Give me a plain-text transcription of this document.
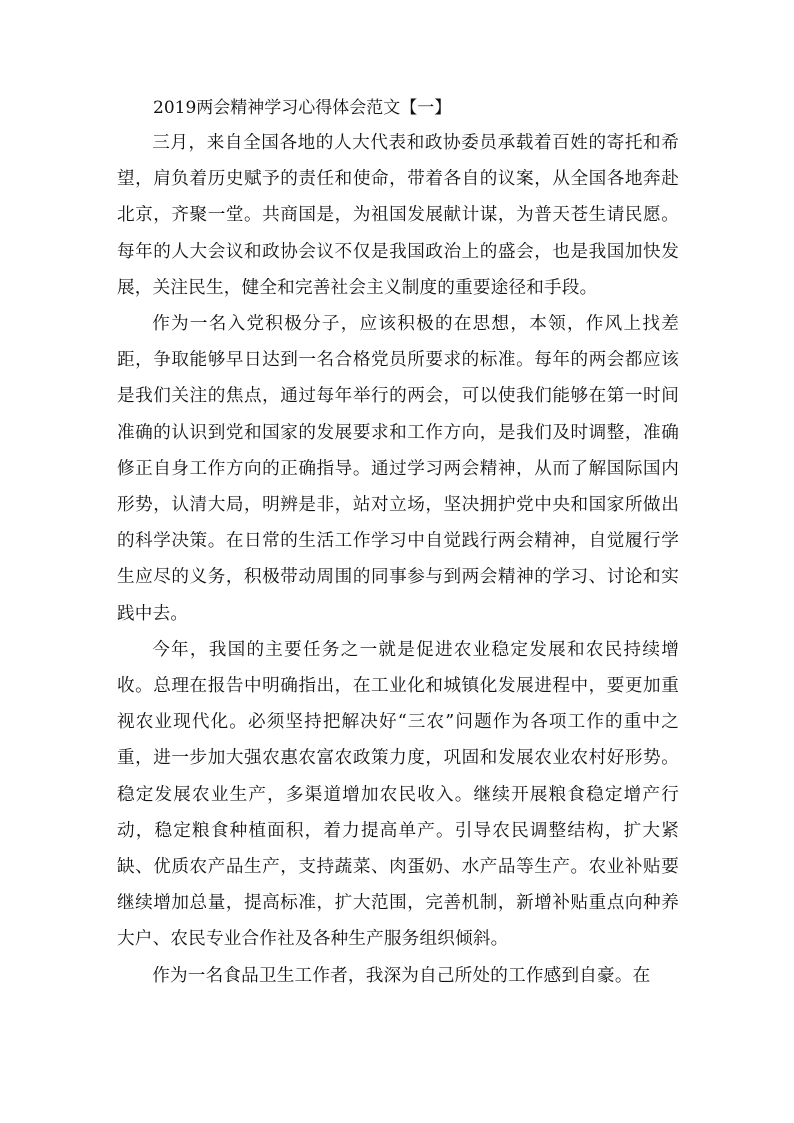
2019两会精神学习心得体会范文【一】

三月，来自全国各地的人大代表和政协委员承载着百姓的寄托和希望，肩负着历史赋予的责任和使命，带着各自的议案，从全国各地奔赴北京，齐聚一堂。共商国是，为祖国发展献计谋，为普天苍生请民愿。每年的人大会议和政协会议不仅是我国政治上的盛会，也是我国加快发展，关注民生，健全和完善社会主义制度的重要途径和手段。

作为一名入党积极分子，应该积极的在思想，本领，作风上找差距，争取能够早日达到一名合格党员所要求的标准。每年的两会都应该是我们关注的焦点，通过每年举行的两会，可以使我们能够在第一时间准确的认识到党和国家的发展要求和工作方向，是我们及时调整，准确修正自身工作方向的正确指导。通过学习两会精神，从而了解国际国内形势，认清大局，明辨是非，站对立场，坚决拥护党中央和国家所做出的科学决策。在日常的生活工作学习中自觉践行两会精神，自觉履行学生应尽的义务，积极带动周围的同事参与到两会精神的学习、讨论和实践中去。

今年，我国的主要任务之一就是促进农业稳定发展和农民持续增收。总理在报告中明确指出，在工业化和城镇化发展进程中，要更加重视农业现代化。必须坚持把解决好“三农”问题作为各项工作的重中之重，进一步加大强农惠农富农政策力度，巩固和发展农业农村好形势。稳定发展农业生产，多渠道增加农民收入。继续开展粮食稳定增产行动，稳定粮食种植面积，着力提高单产。引导农民调整结构，扩大紧缺、优质农产品生产，支持蔬菜、肉蛋奶、水产品等生产。农业补贴要继续增加总量，提高标准，扩大范围，完善机制，新增补贴重点向种养大户、农民专业合作社及各种生产服务组织倾斜。

作为一名食品卫生工作者，我深为自己所处的工作感到自豪。在
